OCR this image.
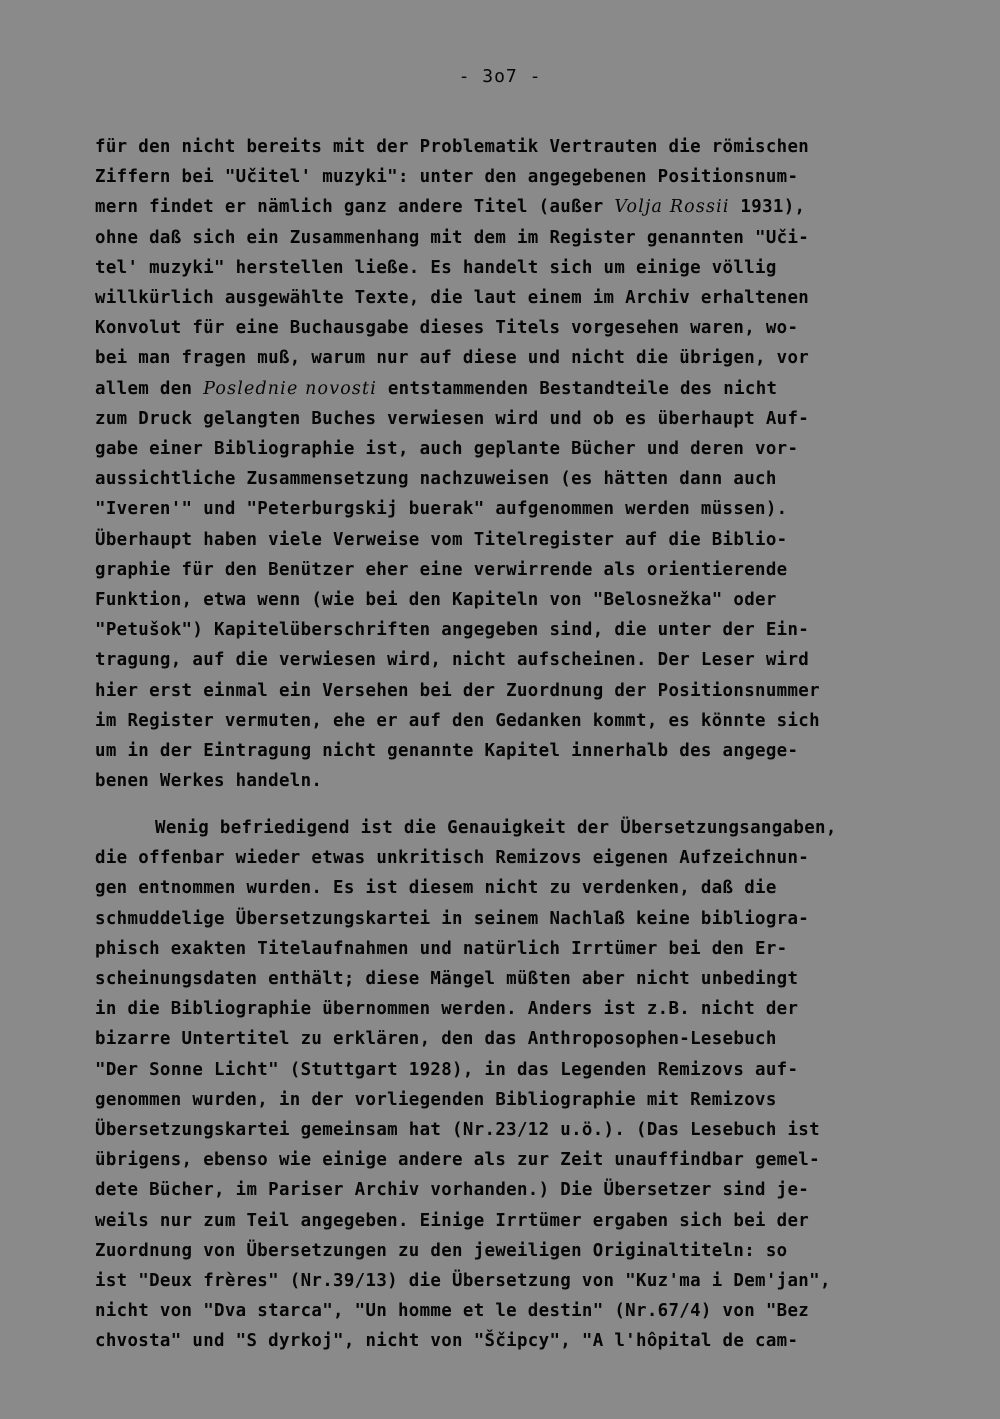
- 3o7 -
für den nicht bereits mit der Problematik Vertrauten die römischen
Ziffern bei "Učitel' muzyki": unter den angegebenen Positionsnum-
mern findet er nämlich ganz andere Titel (außer Volja Rossii 1931),
ohne daß sich ein Zusammenhang mit dem im Register genannten "Uči-
tel' muzyki" herstellen ließe. Es handelt sich um einige völlig
willkürlich ausgewählte Texte, die laut einem im Archiv erhaltenen
Konvolut für eine Buchausgabe dieses Titels vorgesehen waren, wo-
bei man fragen muß, warum nur auf diese und nicht die übrigen, vor
allem den Poslednie novosti entstammenden Bestandteile des nicht
zum Druck gelangten Buches verwiesen wird und ob es überhaupt Auf-
gabe einer Bibliographie ist, auch geplante Bücher und deren vor-
aussichtliche Zusammensetzung nachzuweisen (es hätten dann auch
"Iveren'" und "Peterburgskij buerak" aufgenommen werden müssen).
Überhaupt haben viele Verweise vom Titelregister auf die Biblio-
graphie für den Benützer eher eine verwirrende als orientierende
Funktion, etwa wenn (wie bei den Kapiteln von "Belosnežka" oder
"Petušok") Kapitelüberschriften angegeben sind, die unter der Ein-
tragung, auf die verwiesen wird, nicht aufscheinen. Der Leser wird
hier erst einmal ein Versehen bei der Zuordnung der Positionsnummer
im Register vermuten, ehe er auf den Gedanken kommt, es könnte sich
um in der Eintragung nicht genannte Kapitel innerhalb des angege-
benen Werkes handeln.
Wenig befriedigend ist die Genauigkeit der Übersetzungsangaben,
die offenbar wieder etwas unkritisch Remizovs eigenen Aufzeichnun-
gen entnommen wurden. Es ist diesem nicht zu verdenken, daß die
schmuddelige Übersetzungskartei in seinem Nachlaß keine bibliogra-
phisch exakten Titelaufnahmen und natürlich Irrtümer bei den Er-
scheinungsdaten enthält; diese Mängel müßten aber nicht unbedingt
in die Bibliographie übernommen werden. Anders ist z.B. nicht der
bizarre Untertitel zu erklären, den das Anthroposophen-Lesebuch
"Der Sonne Licht" (Stuttgart 1928), in das Legenden Remizovs auf-
genommen wurden, in der vorliegenden Bibliographie mit Remizovs
Übersetzungskartei gemeinsam hat (Nr.23/12 u.ö.). (Das Lesebuch ist
übrigens, ebenso wie einige andere als zur Zeit unauffindbar gemel-
dete Bücher, im Pariser Archiv vorhanden.) Die Übersetzer sind je-
weils nur zum Teil angegeben. Einige Irrtümer ergaben sich bei der
Zuordnung von Übersetzungen zu den jeweiligen Originaltiteln: so
ist "Deux frères" (Nr.39/13) die Übersetzung von "Kuz'ma i Dem'jan",
nicht von "Dva starca", "Un homme et le destin" (Nr.67/4) von "Bez
chvosta" und "S dyrkoj", nicht von "Ščipcy", "A l'hôpital de cam-
